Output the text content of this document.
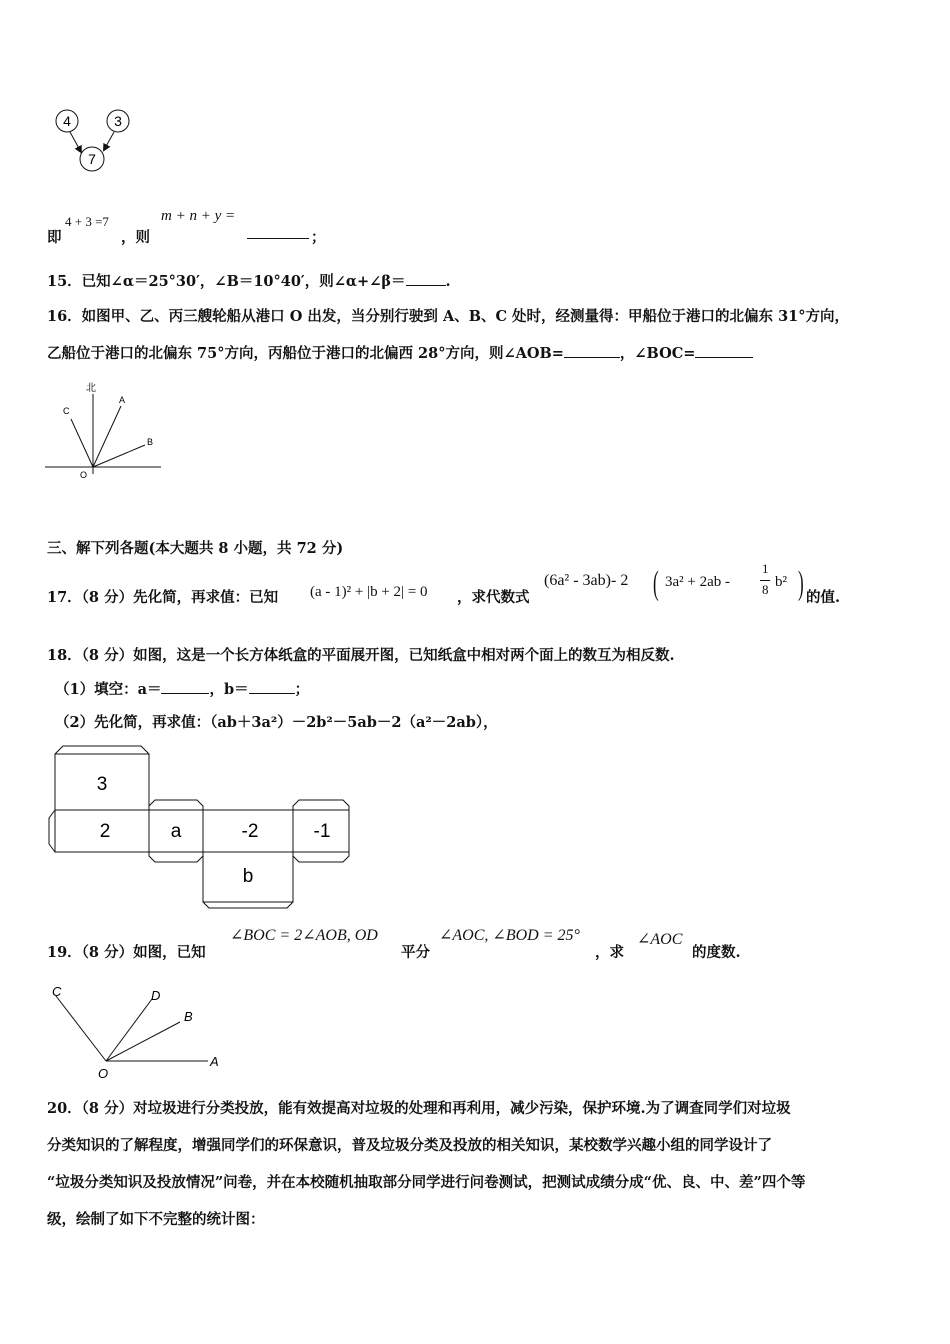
4	3
7
即
4 + 3 =7
，则
m + n + y =
；
15．已知∠α＝25°30′，∠B＝10°40′，则∠α+∠β＝	.
16．如图甲、乙、丙三艘轮船从港口 O 出发，当分别行驶到 A、B、C 处时，经测量得：甲船位于港口的北偏东 31°方向，
乙船位于港口的北偏东 75°方向，丙船位于港口的北偏西 28°方向，则∠AOB=	，∠BOC=
北
A
B
C
O
三、解下列各题(本大题共 8 小题，共 72 分)
17．（8 分）先化简，再求值：已知 (a - 1)² + |b + 2| = 0 ，求代数式
(6a² - 3ab)- 2 ( 3a² + 2ab -
1
8 b² ) 的值.
18．（8 分）如图，这是一个长方体纸盒的平面展开图，已知纸盒中相对两个面上的数互为相反数.
（1）填空：a＝	，b＝	；
（2）先化简，再求值：（ab＋3a²）－2b²－5ab－2（a²－2ab），
3
2	a	-2	-1
b
19．（8 分）如图，已知
∠BOC = 2∠AOB, OD
平分
∠AOC, ∠BOD = 25°
，求
∠AOC
的度数.
C	D
B
A
O
20．（8 分）对垃圾进行分类投放，能有效提高对垃圾的处理和再利用，减少污染，保护环境.为了调查同学们对垃圾
分类知识的了解程度，增强同学们的环保意识，普及垃圾分类及投放的相关知识，某校数学兴趣小组的同学设计了
“垃圾分类知识及投放情况”问卷，并在本校随机抽取部分同学进行问卷测试，把测试成绩分成“优、良、中、差”四个等
级，绘制了如下不完整的统计图：
